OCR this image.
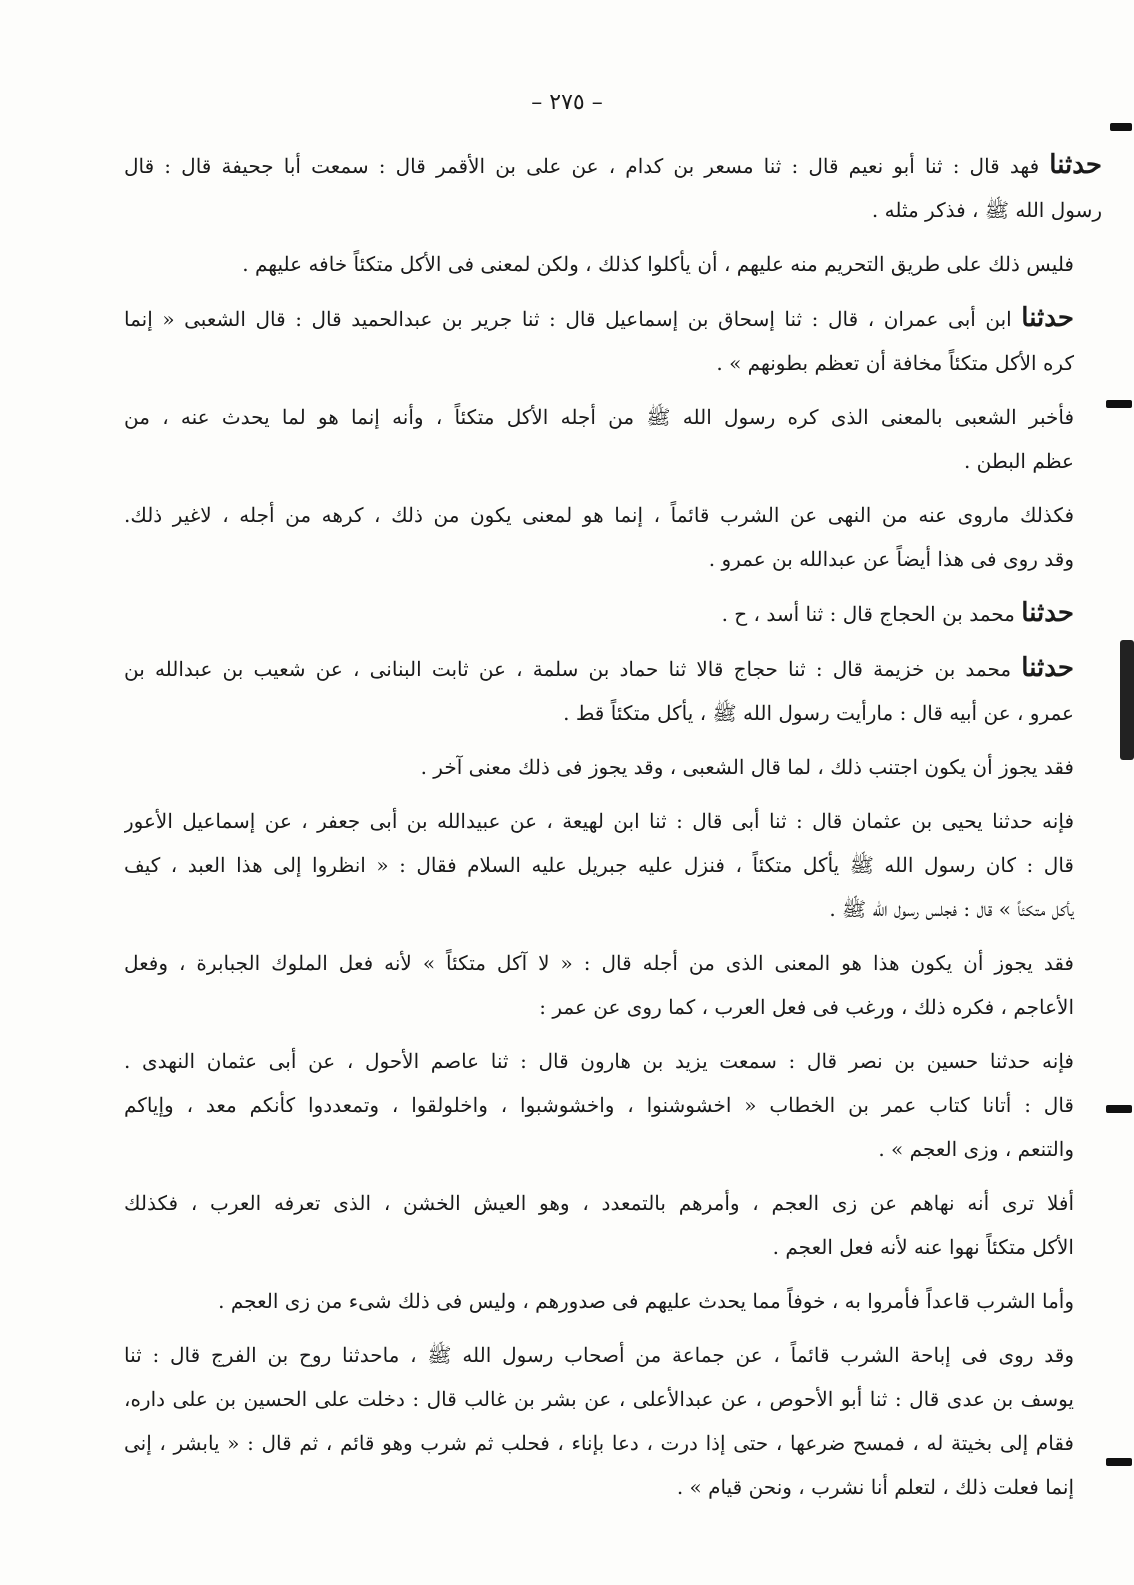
– ٢٧٥ –
حدثنا فهد قال : ثنا أبو نعيم قال : ثنا مسعر بن كدام ، عن على بن الأقمر قال : سمعت أبا جحيفة قال : قال
رسول الله ﷺ ، فذكر مثله .
فليس ذلك على طريق التحريم منه عليهم ، أن يأكلوا كذلك ، ولكن لمعنى فى الأكل متكئاً خافه عليهم .
حدثنا ابن أبى عمران ، قال : ثنا إسحاق بن إسماعيل قال : ثنا جرير بن عبدالحميد قال : قال الشعبى « إنما
كره الأكل متكئاً مخافة أن تعظم بطونهم » .
فأخبر الشعبى بالمعنى الذى كره رسول الله ﷺ من أجله الأكل متكئاً ، وأنه إنما هو لما يحدث عنه ، من
عظم البطن .
فكذلك ماروى عنه من النهى عن الشرب قائماً ، إنما هو لمعنى يكون من ذلك ، كرهه من أجله ، لاغير ذلك.
وقد روى فى هذا أيضاً عن عبدالله بن عمرو .
حدثنا محمد بن الحجاج قال : ثنا أسد ، ح .
حدثنا محمد بن خزيمة قال : ثنا حجاج قالا ثنا حماد بن سلمة ، عن ثابت البنانى ، عن شعيب بن عبدالله بن
عمرو ، عن أبيه قال : مارأيت رسول الله ﷺ ، يأكل متكئاً قط .
فقد يجوز أن يكون اجتنب ذلك ، لما قال الشعبى ، وقد يجوز فى ذلك معنى آخر .
فإنه حدثنا يحيى بن عثمان قال : ثنا أبى قال : ثنا ابن لهيعة ، عن عبيدالله بن أبى جعفر ، عن إسماعيل الأعور
قال : كان رسول الله ﷺ يأكل متكئاً ، فنزل عليه جبريل عليه السلام فقال : « انظروا إلى هذا العبد ، كيف
يأكل متكئاً » قال : فجلس رسول الله ﷺ .
فقد يجوز أن يكون هذا هو المعنى الذى من أجله قال : « لا آكل متكئاً » لأنه فعل الملوك الجبابرة ، وفعل
الأعاجم ، فكره ذلك ، ورغب فى فعل العرب ، كما روى عن عمر :
فإنه حدثنا حسين بن نصر قال : سمعت يزيد بن هارون قال : ثنا عاصم الأحول ، عن أبى عثمان النهدى .
قال : أتانا كتاب عمر بن الخطاب « اخشوشنوا ، واخشوشبوا ، واخلولقوا ، وتمعددوا كأنكم معد ، وإياكم
والتنعم ، وزى العجم » .
أفلا ترى أنه نهاهم عن زى العجم ، وأمرهم بالتمعدد ، وهو العيش الخشن ، الذى تعرفه العرب ، فكذلك
الأكل متكئاً نهوا عنه لأنه فعل العجم .
وأما الشرب قاعداً فأمروا به ، خوفاً مما يحدث عليهم فى صدورهم ، وليس فى ذلك شىء من زى العجم .
وقد روى فى إباحة الشرب قائماً ، عن جماعة من أصحاب رسول الله ﷺ ، ماحدثنا روح بن الفرج قال : ثنا
يوسف بن عدى قال : ثنا أبو الأحوص ، عن عبدالأعلى ، عن بشر بن غالب قال : دخلت على الحسين بن على داره،
فقام إلى بخيتة له ، فمسح ضرعها ، حتى إذا درت ، دعا بإناء ، فحلب ثم شرب وهو قائم ، ثم قال : « يابشر ، إنى
إنما فعلت ذلك ، لتعلم أنا نشرب ، ونحن قيام » .
